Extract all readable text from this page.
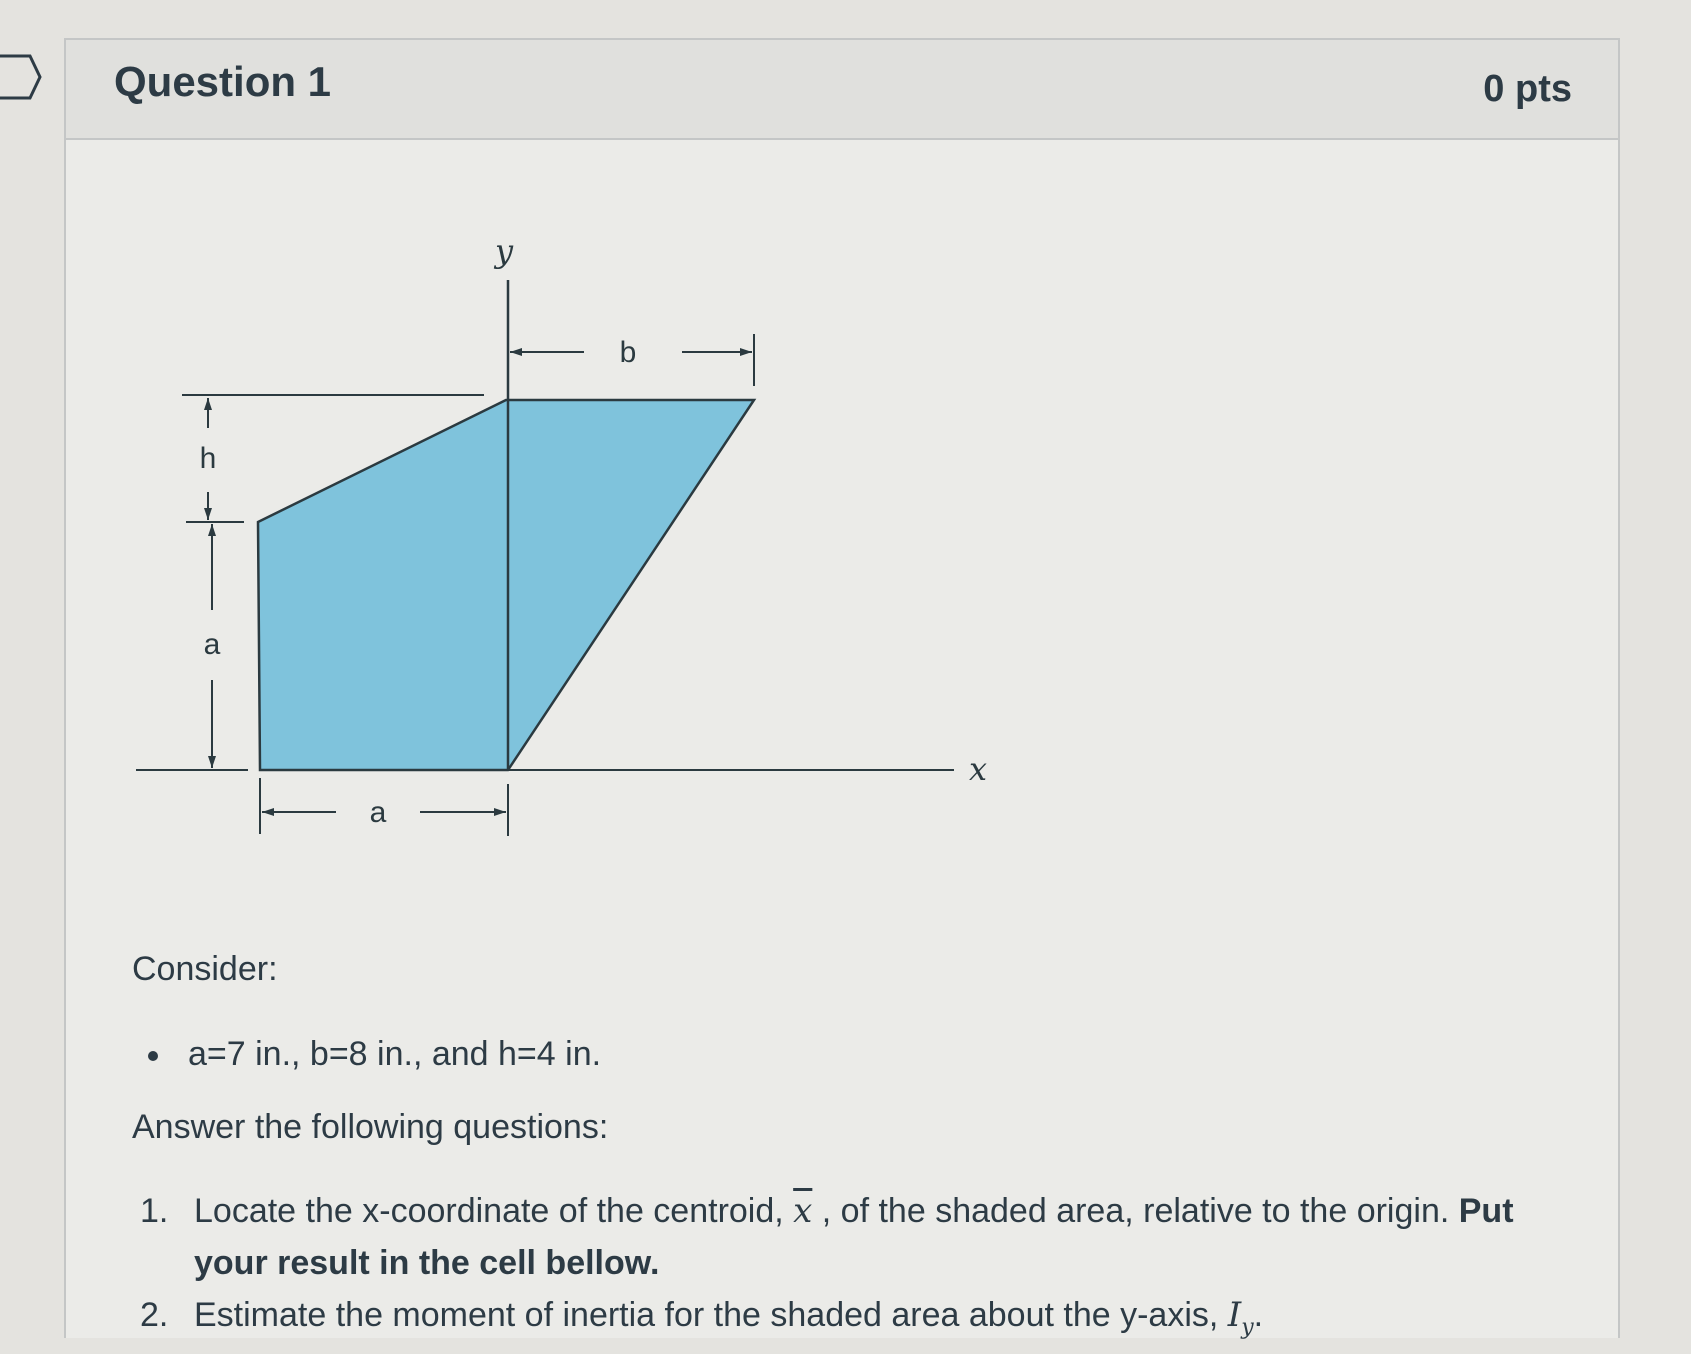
Question 1	0 pts
h
a
a
b
y
x
Consider:
a=7 in., b=8 in., and h=4 in.
Answer the following questions:
1. Locate the x-coordinate of the centroid, $\overline{x}$ , of the shaded area, relative to the origin. Put your result in the cell bellow.
2. Estimate the moment of inertia for the shaded area about the y-axis, $I_y$.
